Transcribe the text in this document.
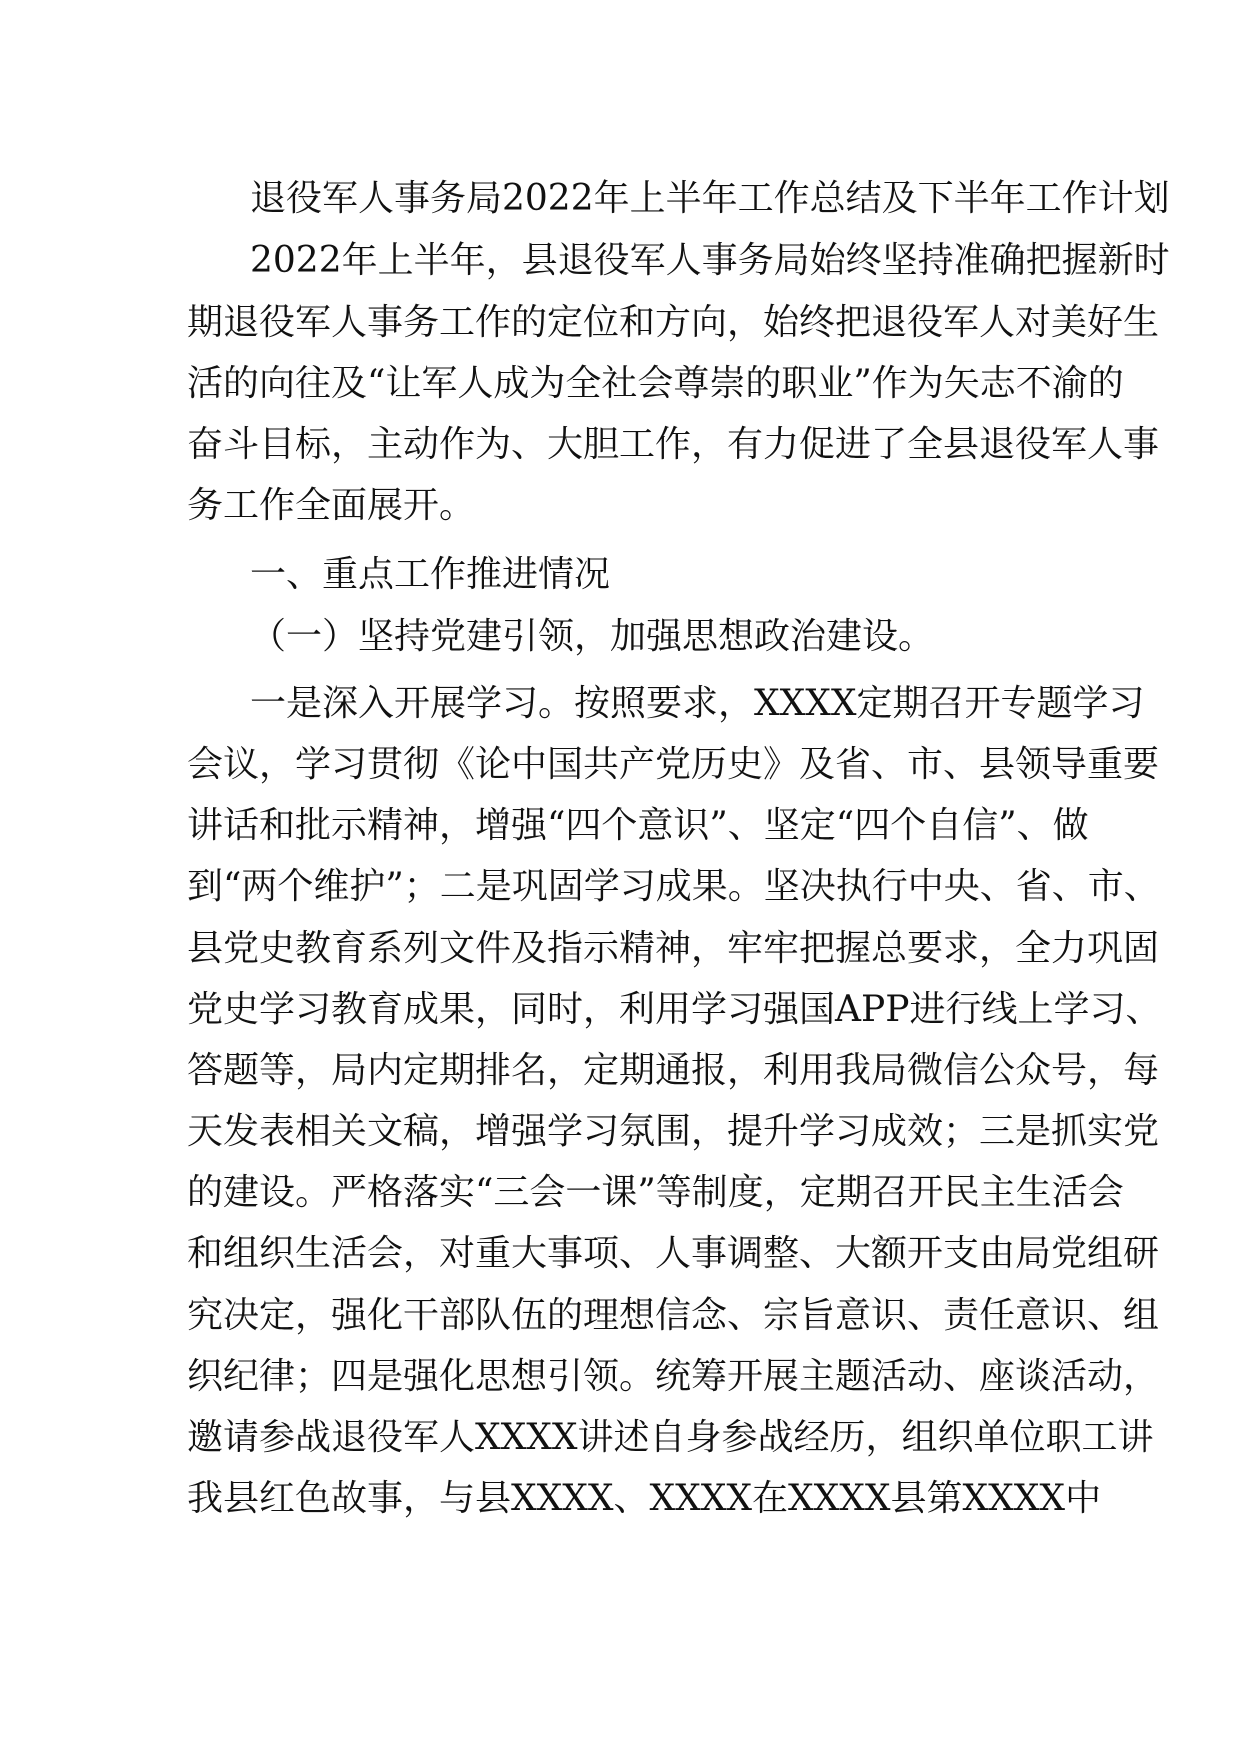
退役军人事务局2022年上半年工作总结及下半年工作计划
2022年上半年，县退役军人事务局始终坚持准确把握新时
期退役军人事务工作的定位和方向，始终把退役军人对美好生
活的向往及“让军人成为全社会尊崇的职业”作为矢志不渝的
奋斗目标，主动作为、大胆工作，有力促进了全县退役军人事
务工作全面展开。
一、重点工作推进情况
（一）坚持党建引领，加强思想政治建设。
一是深入开展学习。按照要求，XXXX定期召开专题学习
会议，学习贯彻《论中国共产党历史》及省、市、县领导重要
讲话和批示精神，增强“四个意识”、坚定“四个自信”、做
到“两个维护”；二是巩固学习成果。坚决执行中央、省、市、
县党史教育系列文件及指示精神，牢牢把握总要求，全力巩固
党史学习教育成果，同时，利用学习强国APP进行线上学习、
答题等，局内定期排名，定期通报，利用我局微信公众号，每
天发表相关文稿，增强学习氛围，提升学习成效；三是抓实党
的建设。严格落实“三会一课”等制度，定期召开民主生活会
和组织生活会，对重大事项、人事调整、大额开支由局党组研
究决定，强化干部队伍的理想信念、宗旨意识、责任意识、组
织纪律；四是强化思想引领。统筹开展主题活动、座谈活动，
邀请参战退役军人XXXX讲述自身参战经历，组织单位职工讲
我县红色故事，与县XXXX、XXXX在XXXX县第XXXX中
